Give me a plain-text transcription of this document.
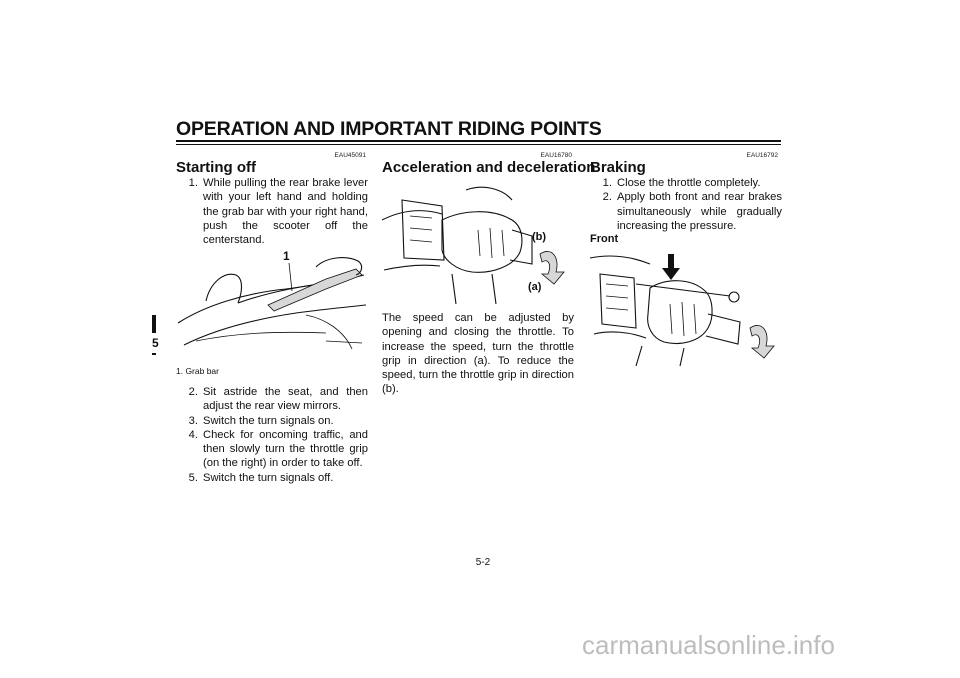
OPERATION AND IMPORTANT RIDING POINTS
5
EAU45091
Starting off
1. While pulling the rear brake lever with your left hand and holding the grab bar with your right hand, push the scooter off the centerstand.
1
1. Grab bar
2. Sit astride the seat, and then adjust the rear view mirrors.
3. Switch the turn signals on.
4. Check for oncoming traffic, and then slowly turn the throttle grip (on the right) in order to take off.
5. Switch the turn signals off.
EAU16780
Acceleration and deceleration
(b)
(a)
The speed can be adjusted by opening and closing the throttle. To increase the speed, turn the throttle grip in direction (a). To reduce the speed, turn the throttle grip in direction (b).
EAU16792
Braking
1. Close the throttle completely.
2. Apply both front and rear brakes simultaneously while gradually increasing the pressure.
Front
5-2
carmanualsonline.info
